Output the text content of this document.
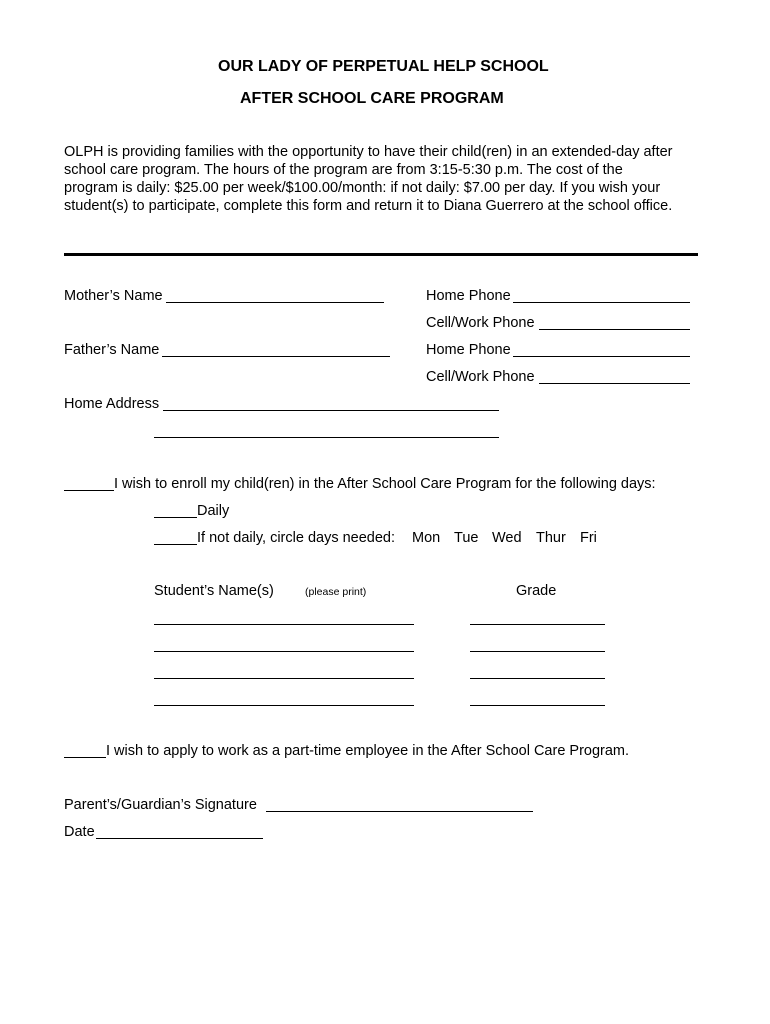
OUR LADY OF PERPETUAL HELP SCHOOL
AFTER SCHOOL CARE PROGRAM
OLPH is providing families with the opportunity to have their child(ren) in an extended-day after
school care program. The hours of the program are from 3:15-5:30 p.m. The cost of the
program is daily: $25.00 per week/$100.00/month: if not daily: $7.00 per day. If you wish your
student(s) to participate, complete this form and return it to Diana Guerrero at the school office.
Mother’s Name	Home Phone
Cell/Work Phone
Father’s Name	Home Phone
Cell/Work Phone
Home Address
I wish to enroll my child(ren) in the After School Care Program for the following days:
Daily
If not daily, circle days needed: Mon Tue Wed Thur Fri
Student’s Name(s)	(please print)	Grade
I wish to apply to work as a part-time employee in the After School Care Program.
Parent’s/Guardian’s Signature
Date
